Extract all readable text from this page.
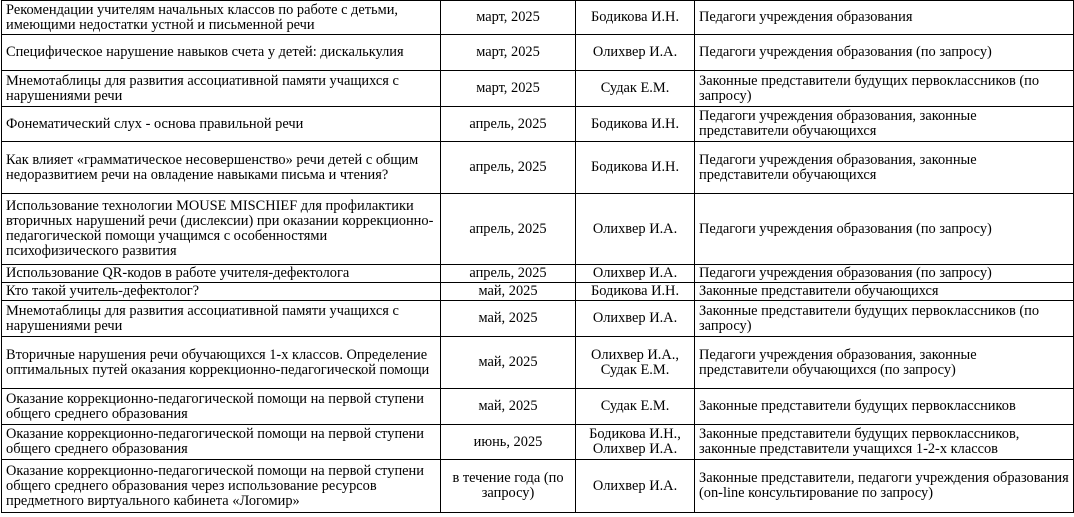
Рекомендации учителям начальных классов по работе с детьми, имеющими недостатки устной и письменной речи	март, 2025	Бодикова И.Н.	Педагоги учреждения образования
Специфическое нарушение навыков счета у детей: дискалькулия	март, 2025	Олихвер И.А.	Педагоги учреждения образования (по запросу)
Мнемотаблицы для развития ассоциативной памяти учащихся с нарушениями речи	март, 2025	Судак Е.М.	Законные представители будущих первоклассников (по запросу)
Фонематический слух - основа правильной речи	апрель, 2025	Бодикова И.Н.	Педагоги учреждения образования, законные представители обучающихся
Как влияет «грамматическое несовершенство» речи детей с общим недоразвитием речи на овладение навыками письма и чтения?	апрель, 2025	Бодикова И.Н.	Педагоги учреждения образования, законные представители обучающихся
Использование технологии MOUSE MISCHIEF для профилактики вторичных нарушений речи (дислексии) при оказании коррекционно-педагогической помощи учащимся с особенностями психофизического развития	апрель, 2025	Олихвер И.А.	Педагоги учреждения образования (по запросу)
Использование QR-кодов в работе учителя-дефектолога	апрель, 2025	Олихвер И.А.	Педагоги учреждения образования (по запросу)
Кто такой учитель-дефектолог?	май, 2025	Бодикова И.Н.	Законные представители обучающихся
Мнемотаблицы для развития ассоциативной памяти учащихся с нарушениями речи	май, 2025	Олихвер И.А.	Законные представители будущих первоклассников (по запросу)
Вторичные нарушения речи обучающихся 1-х классов. Определение оптимальных путей оказания коррекционно-педагогической помощи	май, 2025	Олихвер И.А., Судак Е.М.	Педагоги учреждения образования, законные представители обучающихся (по запросу)
Оказание коррекционно-педагогической помощи на первой ступени общего среднего образования	май, 2025	Судак Е.М.	Законные представители будущих первоклассников
Оказание коррекционно-педагогической помощи на первой ступени общего среднего образования	июнь, 2025	Бодикова И.Н., Олихвер И.А.	Законные представители будущих первоклассников, законные представители учащихся 1-2-х классов
Оказание коррекционно-педагогической помощи на первой ступени общего среднего образования через использование ресурсов предметного виртуального кабинета «Логомир»	в течение года (по запросу)	Олихвер И.А.	Законные представители, педагоги учреждения образования (on-line консультирование по запросу)
